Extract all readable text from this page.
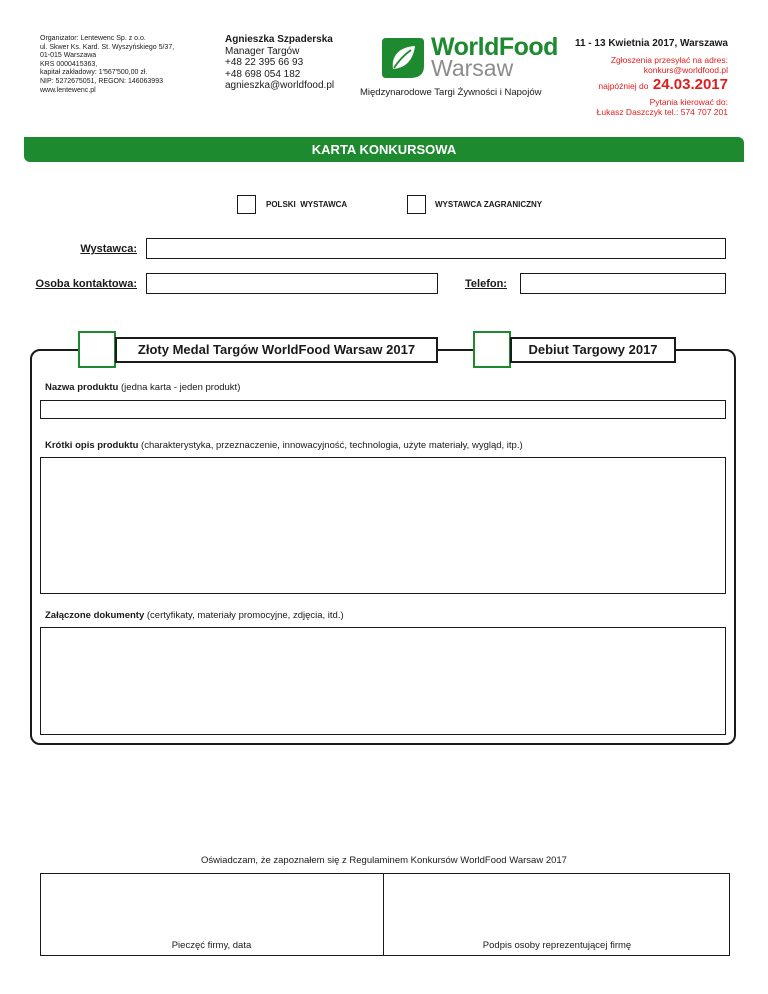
Organizator: Lentewenc Sp. z o.o.
ul. Skwer Ks. Kard. St. Wyszyńskiego 5/37,
01-015 Warszawa
KRS 0000415363,
kapitał zakładowy: 1'567'500,00 zł.
NIP: 5272675051, REGON: 146063993
www.lentewenc.pl
Agnieszka Szpaderska
Manager Targów
+48 22 395 66 93
+48 698 054 182
agnieszka@worldfood.pl
WorldFood
Warsaw
Międzynarodowe Targi Żywności i Napojów
11 - 13 Kwietnia 2017, Warszawa
Zgłoszenia przesyłać na adres:
konkurs@worldfood.pl
najpóźniej do 24.03.2017
Pytania kierować do:
Łukasz Daszczyk tel.: 574 707 201
KARTA KONKURSOWA
POLSKI  WYSTAWCA	WYSTAWCA ZAGRANICZNY
Wystawca:
Osoba kontaktowa:	Telefon:
Złoty Medal Targów WorldFood Warsaw 2017	Debiut Targowy 2017
Nazwa produktu (jedna karta - jeden produkt)
Krótki opis produktu (charakterystyka, przeznaczenie, innowacyjność, technologia, użyte materiały, wygląd, itp.)
Załączone dokumenty (certyfikaty, materiały promocyjne, zdjęcia, itd.)
Oświadczam, że zapoznałem się z Regulaminem Konkursów WorldFood Warsaw 2017
Pieczęć firmy, data	Podpis osoby reprezentującej firmę
